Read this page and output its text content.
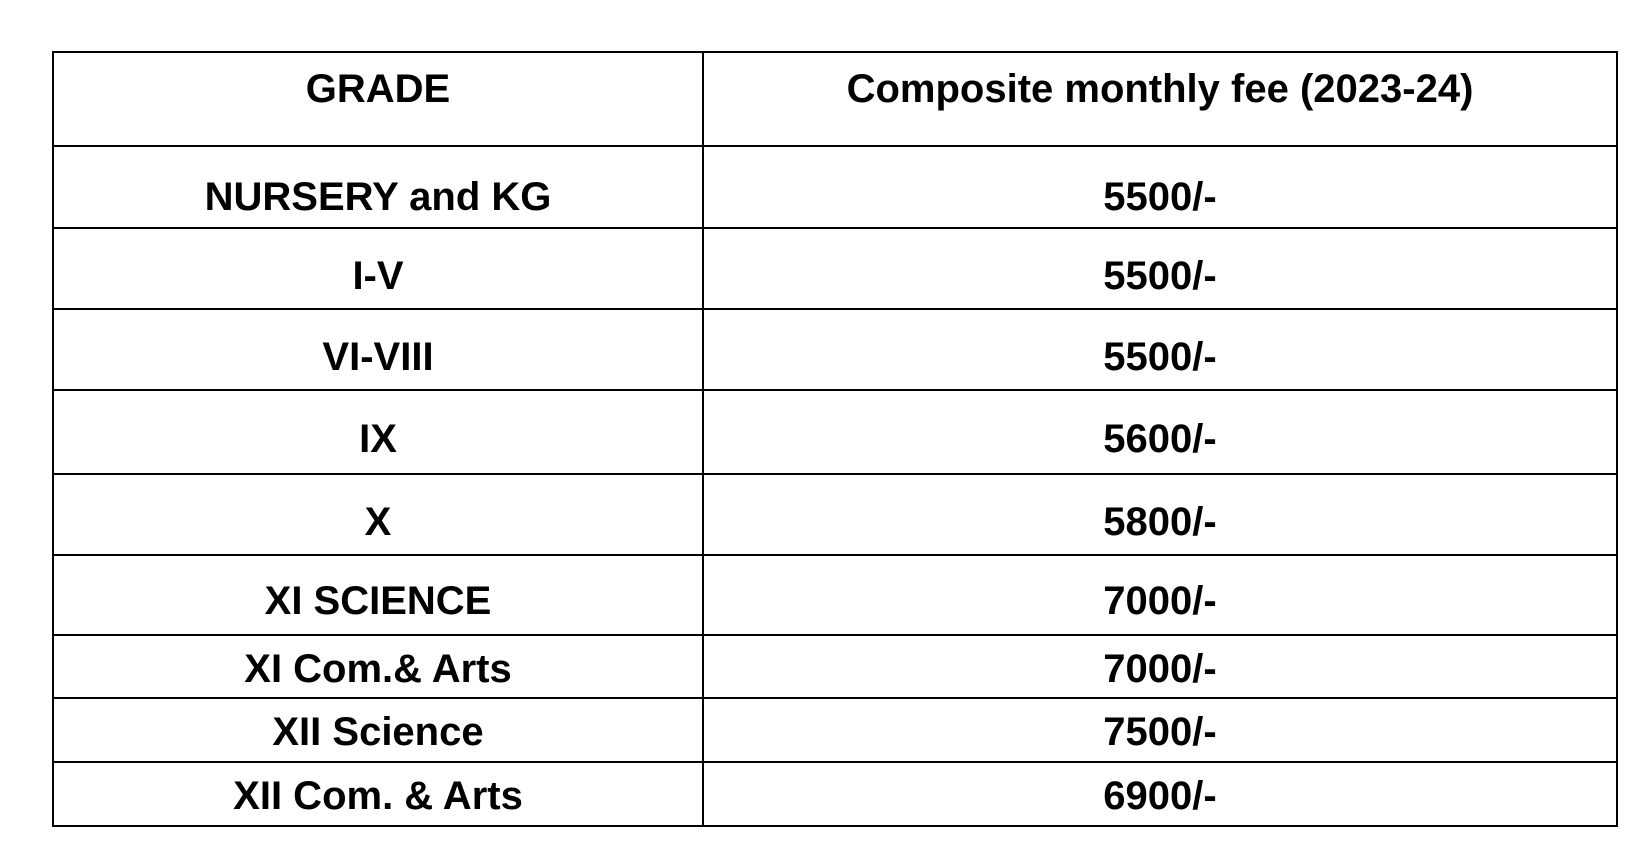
GRADE	Composite monthly fee (2023-24)
NURSERY and KG	5500/-
I-V	5500/-
VI-VIII	5500/-
IX	5600/-
X	5800/-
XI SCIENCE	7000/-
XI Com.& Arts	7000/-
XII Science	7500/-
XII Com. & Arts	6900/-
